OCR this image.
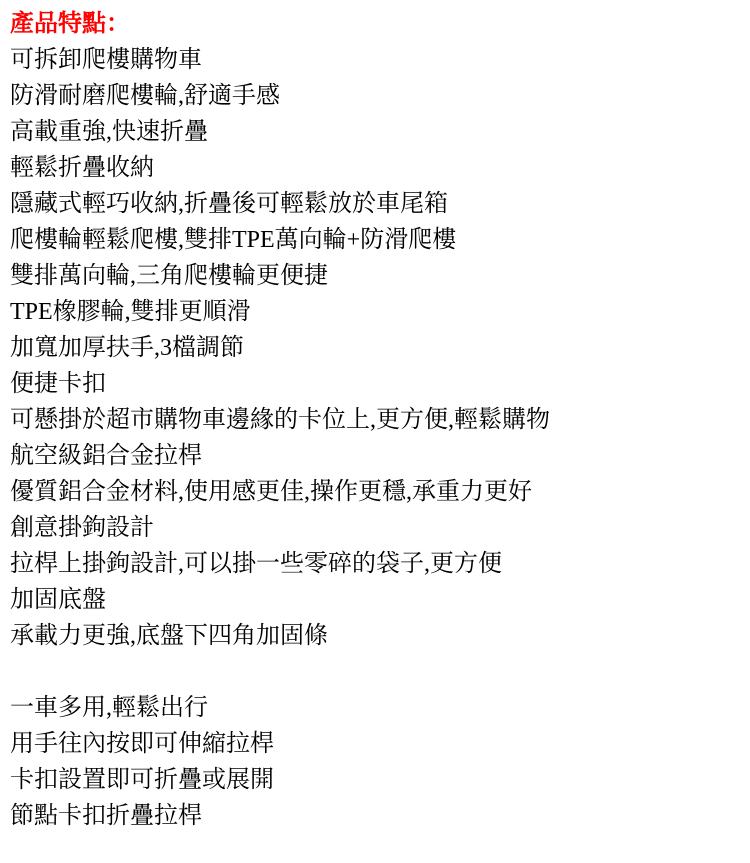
產品特點：

可拆卸爬樓購物車

防滑耐磨爬樓輪,舒適手感

高載重強,快速折疊

輕鬆折疊收納

隱藏式輕巧收納,折疊後可輕鬆放於車尾箱

爬樓輪輕鬆爬樓,雙排TPE萬向輪+防滑爬樓

雙排萬向輪,三角爬樓輪更便捷

TPE橡膠輪,雙排更順滑

加寬加厚扶手,3檔調節

便捷卡扣

可懸掛於超市購物車邊緣的卡位上,更方便,輕鬆購物

航空級鋁合金拉桿

優質鋁合金材料,使用感更佳,操作更穩,承重力更好

創意掛鉤設計

拉桿上掛鉤設計,可以掛一些零碎的袋子,更方便

加固底盤

承載力更強,底盤下四角加固條

一車多用,輕鬆出行

用手往內按即可伸縮拉桿

卡扣設置即可折疊或展開

節點卡扣折疊拉桿
